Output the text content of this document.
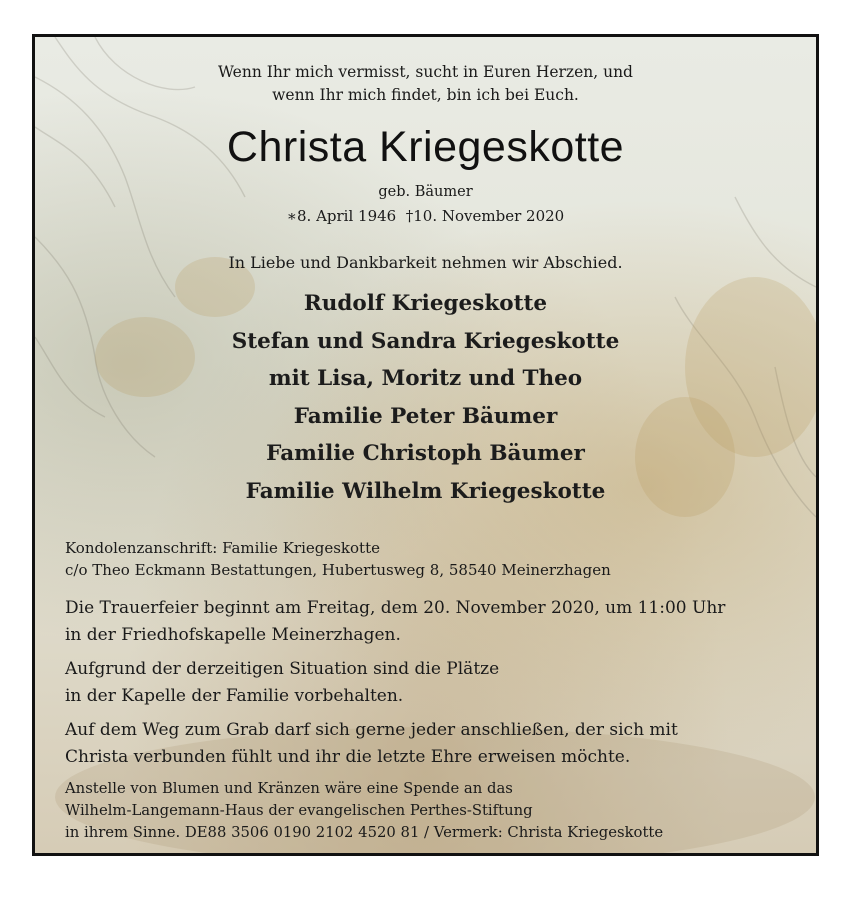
Wenn Ihr mich vermisst, sucht in Euren Herzen, und
wenn Ihr mich findet, bin ich bei Euch.
Christa Kriegeskotte
geb. Bäumer
∗8. April 1946  †10. November 2020
In Liebe und Dankbarkeit nehmen wir Abschied.
Rudolf Kriegeskotte
Stefan und Sandra Kriegeskotte
mit Lisa, Moritz und Theo
Familie Peter Bäumer
Familie Christoph Bäumer
Familie Wilhelm Kriegeskotte
Kondolenzanschrift: Familie Kriegeskotte
c/o Theo Eckmann Bestattungen, Hubertusweg 8, 58540 Meinerzhagen
Die Trauerfeier beginnt am Freitag, dem 20. November 2020, um 11:00 Uhr
in der Friedhofskapelle Meinerzhagen.
Aufgrund der derzeitigen Situation sind die Plätze
in der Kapelle der Familie vorbehalten.
Auf dem Weg zum Grab darf sich gerne jeder anschließen, der sich mit
Christa verbunden fühlt und ihr die letzte Ehre erweisen möchte.
Anstelle von Blumen und Kränzen wäre eine Spende an das
Wilhelm-Langemann-Haus der evangelischen Perthes-Stiftung
in ihrem Sinne. DE88 3506 0190 2102 4520 81 / Vermerk: Christa Kriegeskotte
